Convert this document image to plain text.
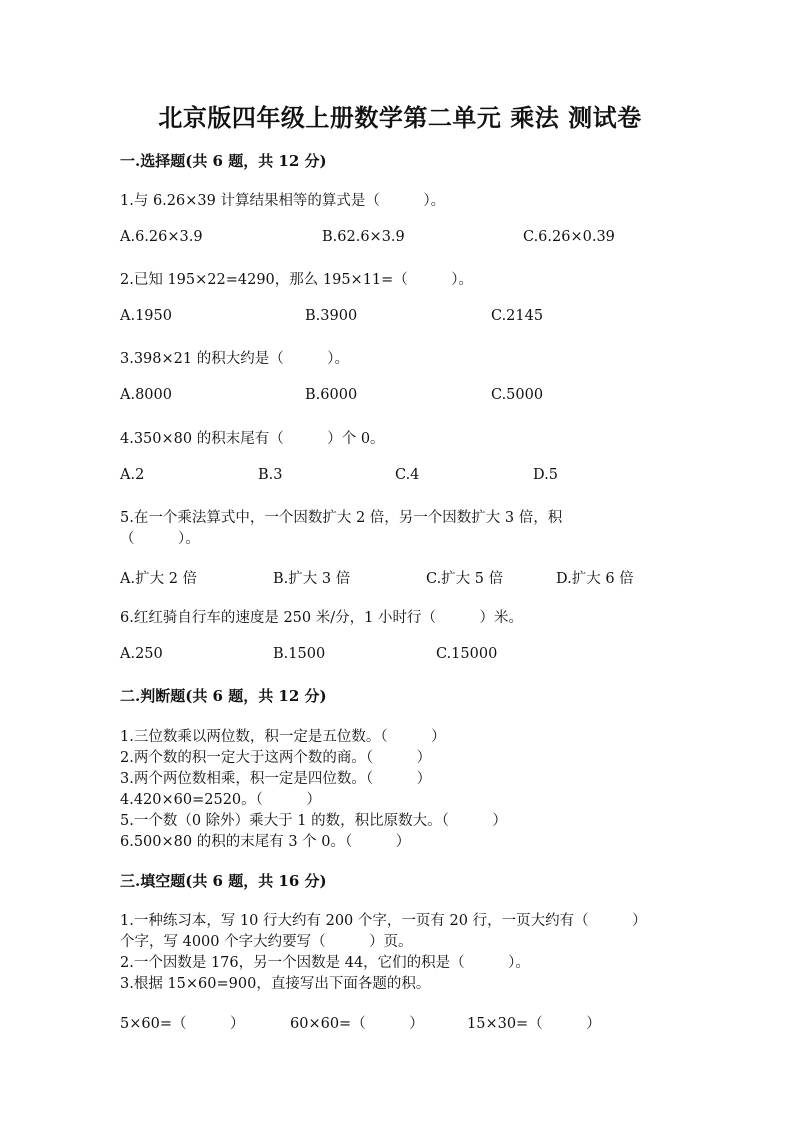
北京版四年级上册数学第二单元 乘法 测试卷
一.选择题(共 6 题，共 12 分)
1.与 6.26×39 计算结果相等的算式是（　　　）。
A.6.26×3.9	B.62.6×3.9	C.6.26×0.39
2.已知 195×22=4290，那么 195×11=（　　　）。
A.1950	B.3900	C.2145
3.398×21 的积大约是（　　　）。
A.8000	B.6000	C.5000
4.350×80 的积末尾有（　　　）个 0。
A.2	B.3	C.4	D.5
5.在一个乘法算式中，一个因数扩大 2 倍，另一个因数扩大 3 倍，积
（　　　）。
A.扩大 2 倍	B.扩大 3 倍	C.扩大 5 倍	D.扩大 6 倍
6.红红骑自行车的速度是 250 米/分，1 小时行（　　　）米。
A.250	B.1500	C.15000
二.判断题(共 6 题，共 12 分)
1.三位数乘以两位数，积一定是五位数。（　　　）
2.两个数的积一定大于这两个数的商。（　　　）
3.两个两位数相乘，积一定是四位数。（　　　）
4.420×60=2520。（　　　）
5.一个数（0 除外）乘大于 1 的数，积比原数大。（　　　）
6.500×80 的积的末尾有 3 个 0。（　　　）
三.填空题(共 6 题，共 16 分)
1.一种练习本，写 10 行大约有 200 个字，一页有 20 行，一页大约有（　　　）
个字，写 4000 个字大约要写（　　　）页。
2.一个因数是 176，另一个因数是 44，它们的积是（　　　）。
3.根据 15×60=900，直接写出下面各题的积。
5×60=（　　　）	60×60=（　　　）	15×30=（　　　）
